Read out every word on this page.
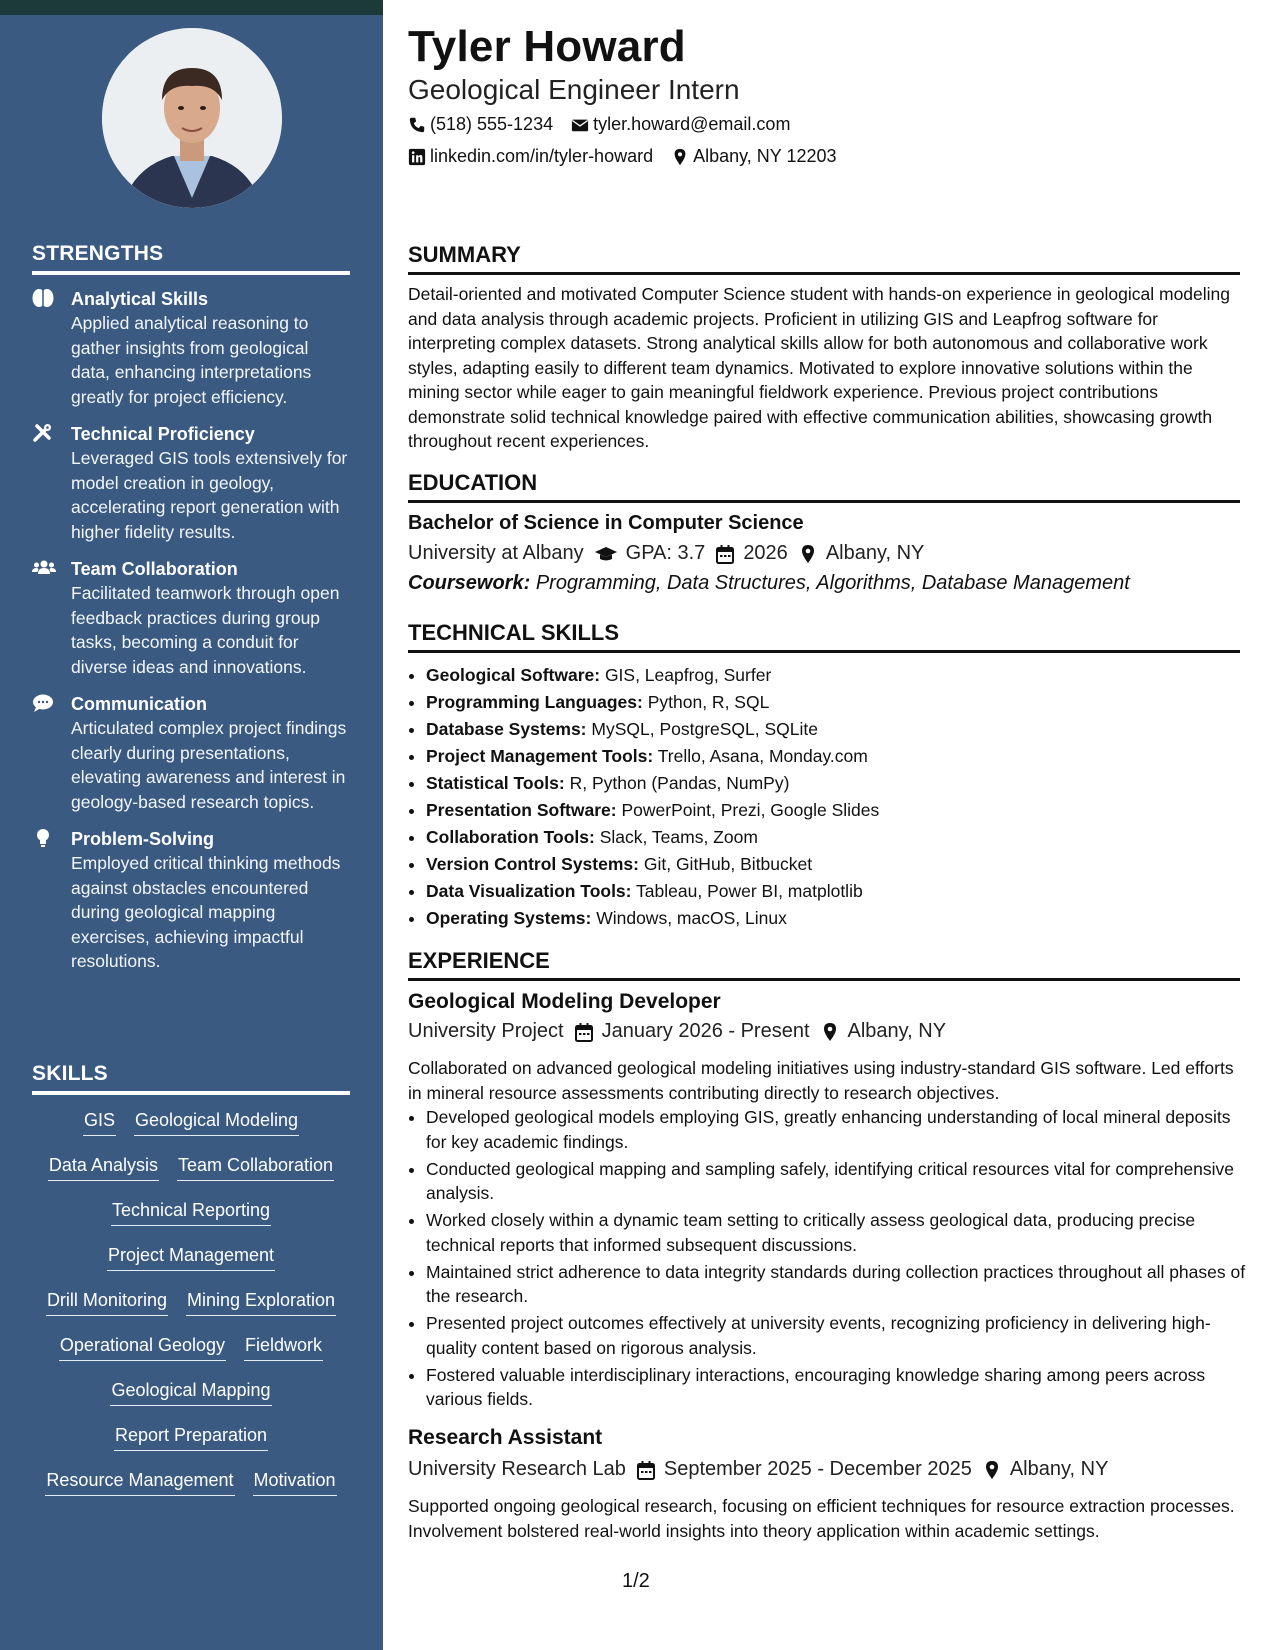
STRENGTHS
Analytical Skills
Applied analytical reasoning to gather insights from geological data, enhancing interpretations greatly for project efficiency.
Technical Proficiency
Leveraged GIS tools extensively for model creation in geology, accelerating report generation with higher fidelity results.
Team Collaboration
Facilitated teamwork through open feedback practices during group tasks, becoming a conduit for diverse ideas and innovations.
Communication
Articulated complex project findings clearly during presentations, elevating awareness and interest in geology-based research topics.
Problem-Solving
Employed critical thinking methods against obstacles encountered during geological mapping exercises, achieving impactful resolutions.
SKILLS
GIS Geological Modeling
Data Analysis Team Collaboration
Technical Reporting
Project Management
Drill Monitoring Mining Exploration
Operational Geology Fieldwork
Geological Mapping
Report Preparation
Resource Management Motivation
Tyler Howard
Geological Engineer Intern
(518) 555-1234 tyler.howard@email.com
linkedin.com/in/tyler-howard Albany, NY 12203
SUMMARY
Detail-oriented and motivated Computer Science student with hands-on experience in geological modeling and data analysis through academic projects. Proficient in utilizing GIS and Leapfrog software for interpreting complex datasets. Strong analytical skills allow for both autonomous and collaborative work styles, adapting easily to different team dynamics. Motivated to explore innovative solutions within the mining sector while eager to gain meaningful fieldwork experience. Previous project contributions demonstrate solid technical knowledge paired with effective communication abilities, showcasing growth throughout recent experiences.
EDUCATION
Bachelor of Science in Computer Science
University at Albany GPA: 3.7 2026 Albany, NY
Coursework: Programming, Data Structures, Algorithms, Database Management
TECHNICAL SKILLS
• Geological Software: GIS, Leapfrog, Surfer
• Programming Languages: Python, R, SQL
• Database Systems: MySQL, PostgreSQL, SQLite
• Project Management Tools: Trello, Asana, Monday.com
• Statistical Tools: R, Python (Pandas, NumPy)
• Presentation Software: PowerPoint, Prezi, Google Slides
• Collaboration Tools: Slack, Teams, Zoom
• Version Control Systems: Git, GitHub, Bitbucket
• Data Visualization Tools: Tableau, Power BI, matplotlib
• Operating Systems: Windows, macOS, Linux
EXPERIENCE
Geological Modeling Developer
University Project January 2026 - Present Albany, NY
Collaborated on advanced geological modeling initiatives using industry-standard GIS software. Led efforts in mineral resource assessments contributing directly to research objectives.
• Developed geological models employing GIS, greatly enhancing understanding of local mineral deposits for key academic findings.
• Conducted geological mapping and sampling safely, identifying critical resources vital for comprehensive analysis.
• Worked closely within a dynamic team setting to critically assess geological data, producing precise technical reports that informed subsequent discussions.
• Maintained strict adherence to data integrity standards during collection practices throughout all phases of the research.
• Presented project outcomes effectively at university events, recognizing proficiency in delivering high-quality content based on rigorous analysis.
• Fostered valuable interdisciplinary interactions, encouraging knowledge sharing among peers across various fields.
Research Assistant
University Research Lab September 2025 - December 2025 Albany, NY
Supported ongoing geological research, focusing on efficient techniques for resource extraction processes. Involvement bolstered real-world insights into theory application within academic settings.
1/2
